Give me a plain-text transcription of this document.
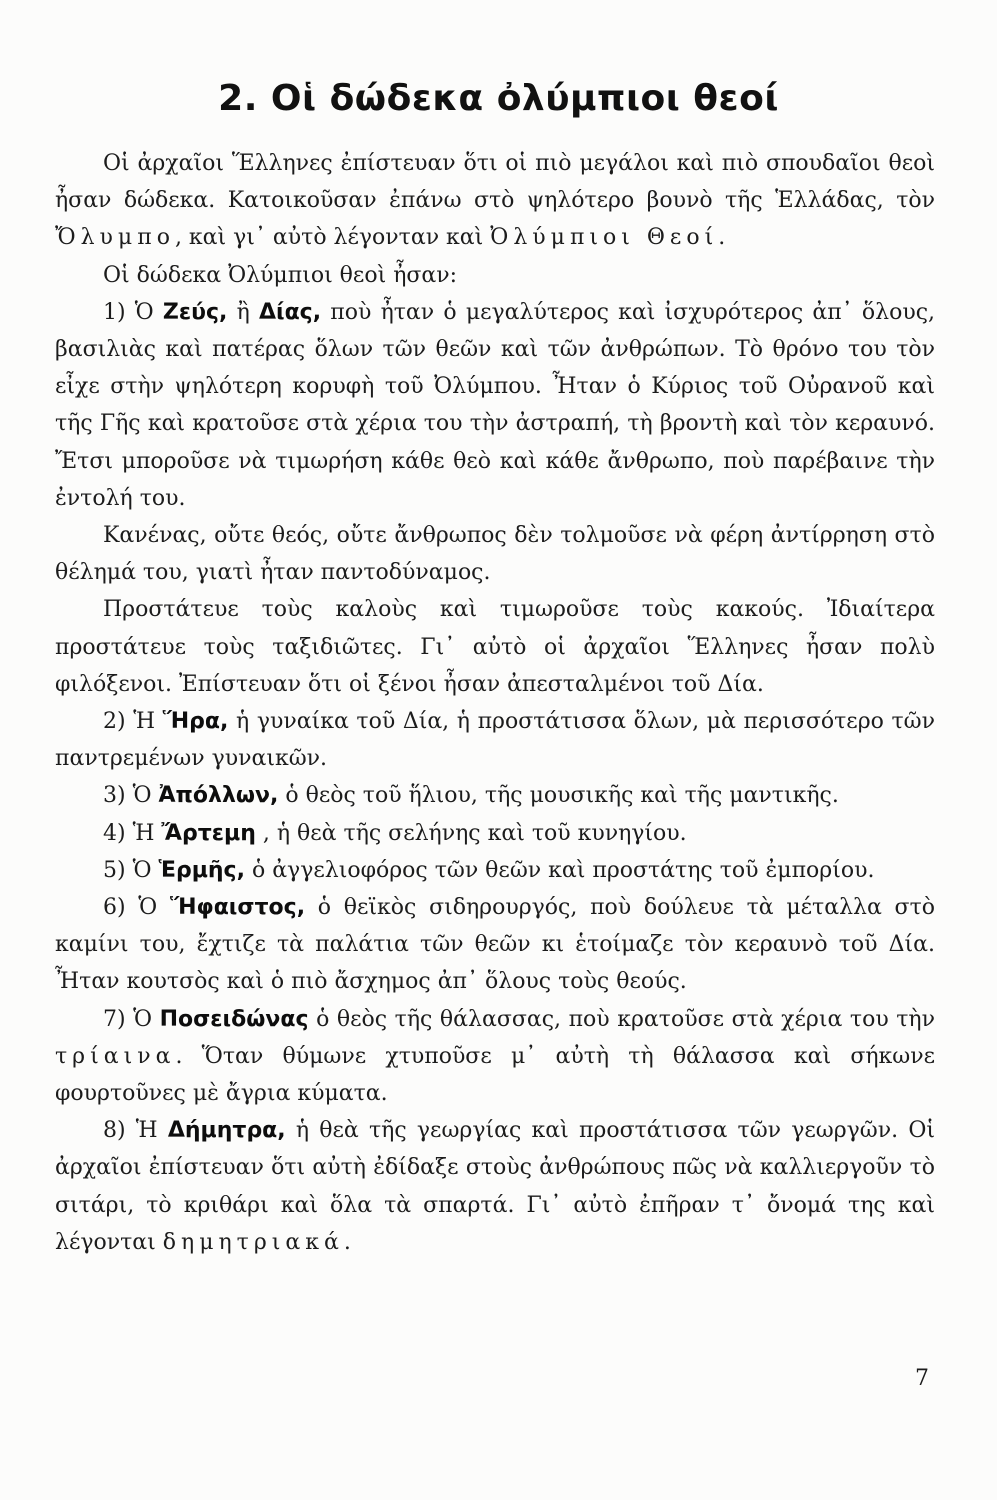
2. Οἱ δώδεκα ὀλύμπιοι θεοί

Οἱ ἀρχαῖοι Ἕλληνες ἐπίστευαν ὅτι οἱ πιὸ μεγάλοι καὶ πιὸ σπουδαῖοι θεοὶ ἦσαν δώδεκα. Κατοικοῦσαν ἐπάνω στὸ ψηλότερο βουνὸ τῆς Ἑλλάδας, τὸν Ὄλυμπο, καὶ γι᾽ αὐτὸ λέγονταν καὶ Ὀλύμπιοι Θεοί.

Οἱ δώδεκα Ὀλύμπιοι θεοὶ ἦσαν:

1) Ὁ Ζεύς, ἢ Δίας, ποὺ ἦταν ὁ μεγαλύτερος καὶ ἰσχυρότερος ἀπ᾽ ὅλους, βασιλιὰς καὶ πατέρας ὅλων τῶν θεῶν καὶ τῶν ἀνθρώπων. Τὸ θρόνο του τὸν εἶχε στὴν ψηλότερη κορυφὴ τοῦ Ὀλύμπου. Ἦταν ὁ Κύριος τοῦ Οὐρανοῦ καὶ τῆς Γῆς καὶ κρατοῦσε στὰ χέρια του τὴν ἀστραπή, τὴ βροντὴ καὶ τὸν κεραυνό. Ἔτσι μποροῦσε νὰ τιμωρήση κάθε θεὸ καὶ κάθε ἄνθρωπο, ποὺ παρέβαινε τὴν ἐντολή του.

Κανένας, οὔτε θεός, οὔτε ἄνθρωπος δὲν τολμοῦσε νὰ φέρη ἀντίρρηση στὸ θέλημά του, γιατὶ ἦταν παντοδύναμος.

Προστάτευε τοὺς καλοὺς καὶ τιμωροῦσε τοὺς κακούς. Ἰδιαίτερα προστάτευε τοὺς ταξιδιῶτες. Γι᾽ αὐτὸ οἱ ἀρχαῖοι Ἕλληνες ἦσαν πολὺ φιλόξενοι. Ἐπίστευαν ὅτι οἱ ξένοι ἦσαν ἀπεσταλμένοι τοῦ Δία.

2) Ἡ Ἥρα, ἡ γυναίκα τοῦ Δία, ἡ προστάτισσα ὅλων, μὰ περισσότερο τῶν παντρεμένων γυναικῶν.

3) Ὁ Ἀπόλλων, ὁ θεὸς τοῦ ἥλιου, τῆς μουσικῆς καὶ τῆς μαντικῆς.

4) Ἡ Ἄρτεμη , ἡ θεὰ τῆς σελήνης καὶ τοῦ κυνηγίου.

5) Ὁ Ἑρμῆς, ὁ ἀγγελιοφόρος τῶν θεῶν καὶ προστάτης τοῦ ἐμπορίου.

6) Ὁ Ἥφαιστος, ὁ θεϊκὸς σιδηρουργός, ποὺ δούλευε τὰ μέταλλα στὸ καμίνι του, ἔχτιζε τὰ παλάτια τῶν θεῶν κι ἑτοίμαζε τὸν κεραυνὸ τοῦ Δία. Ἦταν κουτσὸς καὶ ὁ πιὸ ἄσχημος ἀπ᾽ ὅλους τοὺς θεούς.

7) Ὁ Ποσειδώνας ὁ θεὸς τῆς θάλασσας, ποὺ κρατοῦσε στὰ χέρια του τὴν τρίαινα. Ὅταν θύμωνε χτυποῦσε μ᾽ αὐτὴ τὴ θάλασσα καὶ σήκωνε φουρτοῦνες μὲ ἄγρια κύματα.

8) Ἡ Δήμητρα, ἡ θεὰ τῆς γεωργίας καὶ προστάτισσα τῶν γεωργῶν. Οἱ ἀρχαῖοι ἐπίστευαν ὅτι αὐτὴ ἐδίδαξε στοὺς ἀνθρώπους πῶς νὰ καλλιεργοῦν τὸ σιτάρι, τὸ κριθάρι καὶ ὅλα τὰ σπαρτά. Γι᾽ αὐτὸ ἐπῆραν τ᾽ ὄνομά της καὶ λέγονται δημητριακά.

7
